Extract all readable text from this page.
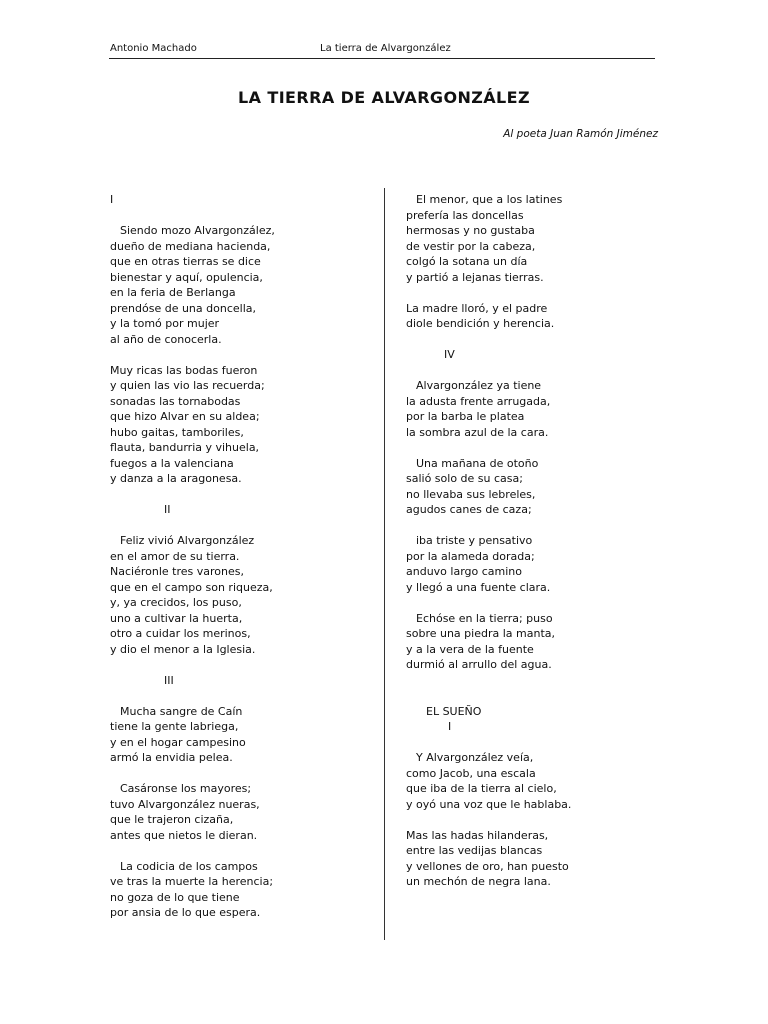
Antonio Machado	La tierra de Alvargonzález
LA TIERRA DE ALVARGONZÁLEZ
Al poeta Juan Ramón Jiménez
I
Siendo mozo Alvargonzález,
dueño de mediana hacienda,
que en otras tierras se dice
bienestar y aquí, opulencia,
en la feria de Berlanga
prendóse de una doncella,
y la tomó por mujer
al año de conocerla.
Muy ricas las bodas fueron
y quien las vio las recuerda;
sonadas las tornabodas
que hizo Alvar en su aldea;
hubo gaitas, tamboriles,
flauta, bandurria y vihuela,
fuegos a la valenciana
y danza a la aragonesa.
II
Feliz vivió Alvargonzález
en el amor de su tierra.
Naciéronle tres varones,
que en el campo son riqueza,
y, ya crecidos, los puso,
uno a cultivar la huerta,
otro a cuidar los merinos,
y dio el menor a la Iglesia.
III
Mucha sangre de Caín
tiene la gente labriega,
y en el hogar campesino
armó la envidia pelea.
Casáronse los mayores;
tuvo Alvargonzález nueras,
que le trajeron cizaña,
antes que nietos le dieran.
La codicia de los campos
ve tras la muerte la herencia;
no goza de lo que tiene
por ansia de lo que espera.
El menor, que a los latines
prefería las doncellas
hermosas y no gustaba
de vestir por la cabeza,
colgó la sotana un día
y partió a lejanas tierras.
La madre lloró, y el padre
diole bendición y herencia.
IV
Alvargonzález ya tiene
la adusta frente arrugada,
por la barba le platea
la sombra azul de la cara.
Una mañana de otoño
salió solo de su casa;
no llevaba sus lebreles,
agudos canes de caza;
iba triste y pensativo
por la alameda dorada;
anduvo largo camino
y llegó a una fuente clara.
Echóse en la tierra; puso
sobre una piedra la manta,
y a la vera de la fuente
durmió al arrullo del agua.
EL SUEÑO
I
Y Alvargonzález veía,
como Jacob, una escala
que iba de la tierra al cielo,
y oyó una voz que le hablaba.
Mas las hadas hilanderas,
entre las vedijas blancas
y vellones de oro, han puesto
un mechón de negra lana.
